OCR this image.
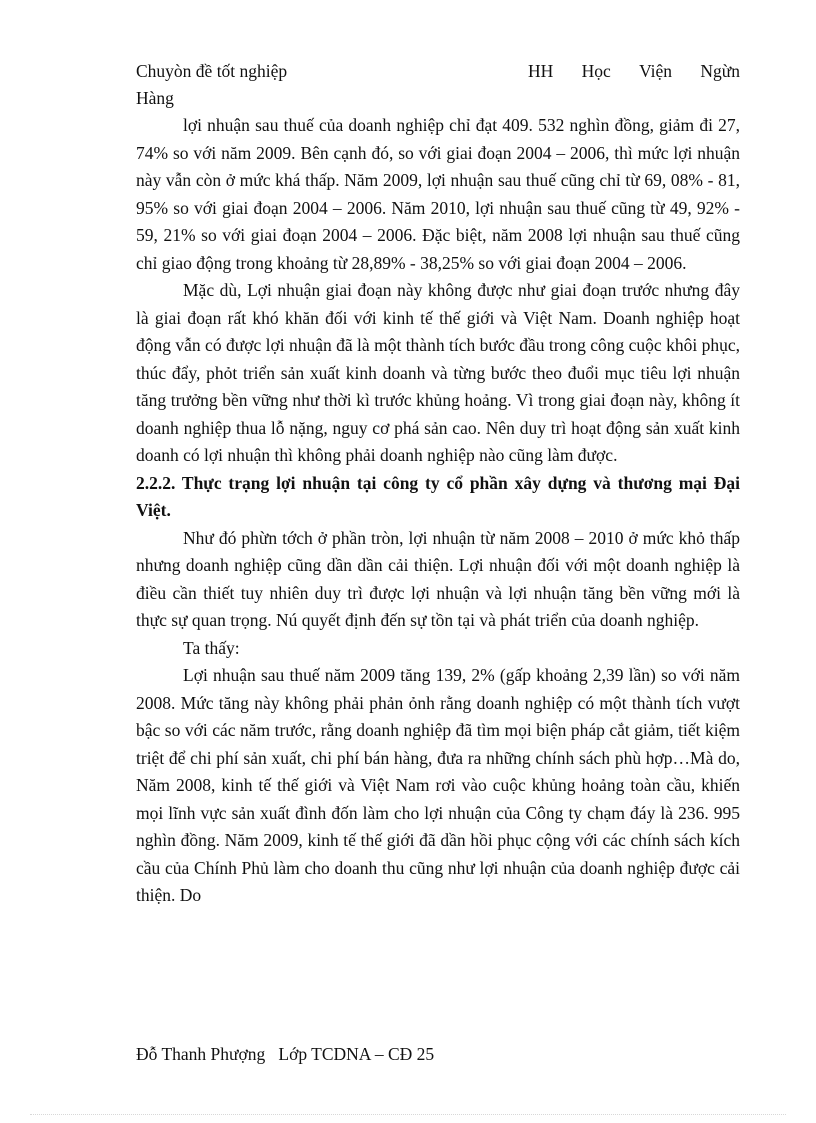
Chuyòn đề tốt nghiệp	HH Học Viện Ngừn
Hàng

lợi nhuận sau thuế của doanh nghiệp chỉ đạt 409. 532 nghìn đồng, giảm đi 27, 74% so với năm 2009. Bên cạnh đó, so với giai đoạn 2004 – 2006, thì mức lợi nhuận này vẫn còn ở mức khá thấp. Năm 2009, lợi nhuận sau thuế cũng chỉ từ 69, 08% - 81, 95% so với giai đoạn 2004 – 2006. Năm 2010, lợi nhuận sau thuế cũng từ 49, 92% - 59, 21% so với giai đoạn 2004 – 2006. Đặc biệt, năm 2008 lợi nhuận sau thuế cũng chỉ giao động trong khoảng từ 28,89% - 38,25% so với giai đoạn 2004 – 2006.

Mặc dù, Lợi nhuận giai đoạn này không được như giai đoạn trước nhưng đây là giai đoạn rất khó khăn đối với kinh tế thế giới và Việt Nam. Doanh nghiệp hoạt động vẫn có được lợi nhuận đã là một thành tích bước đầu trong công cuộc khôi phục, thúc đẩy, phỏt triển sản xuất kinh doanh và từng bước theo đuổi mục tiêu lợi nhuận tăng trưởng bền vững như thời kì trước khủng hoảng. Vì trong giai đoạn này, không ít doanh nghiệp thua lỗ nặng, nguy cơ phá sản cao. Nên duy trì hoạt động sản xuất kinh doanh có lợi nhuận thì không phải doanh nghiệp nào cũng làm được.

2.2.2. Thực trạng lợi nhuận tại công ty cổ phần xây dựng và thương mại Đại Việt.

Như đó phừn tớch ở phần tròn, lợi nhuận từ năm 2008 – 2010 ở mức khỏ thấp nhưng doanh nghiệp cũng dần dần cải thiện. Lợi nhuận đối với một doanh nghiệp là điều cần thiết tuy nhiên duy trì được lợi nhuận và lợi nhuận tăng bền vững mới là thực sự quan trọng. Nú quyết định đến sự tồn tại và phát triển của doanh nghiệp.

Ta thấy:

Lợi nhuận sau thuế năm 2009 tăng 139, 2% (gấp khoảng 2,39 lần) so với năm 2008. Mức tăng này không phải phản ỏnh rằng doanh nghiệp có một thành tích vượt bậc so với các năm trước, rằng doanh nghiệp đã tìm mọi biện pháp cắt giảm, tiết kiệm triệt để chi phí sản xuất, chi phí bán hàng, đưa ra những chính sách phù hợp…Mà do, Năm 2008, kinh tế thế giới và Việt Nam rơi vào cuộc khủng hoảng toàn cầu, khiến mọi lĩnh vực sản xuất đình đốn làm cho lợi nhuận của Công ty chạm đáy là 236. 995 nghìn đồng. Năm 2009, kinh tế thế giới đã dần hồi phục cộng với các chính sách kích cầu của Chính Phủ làm cho doanh thu cũng như lợi nhuận của doanh nghiệp được cải thiện. Do

Đỗ Thanh Phượng Lớp TCDNA – CĐ 25
